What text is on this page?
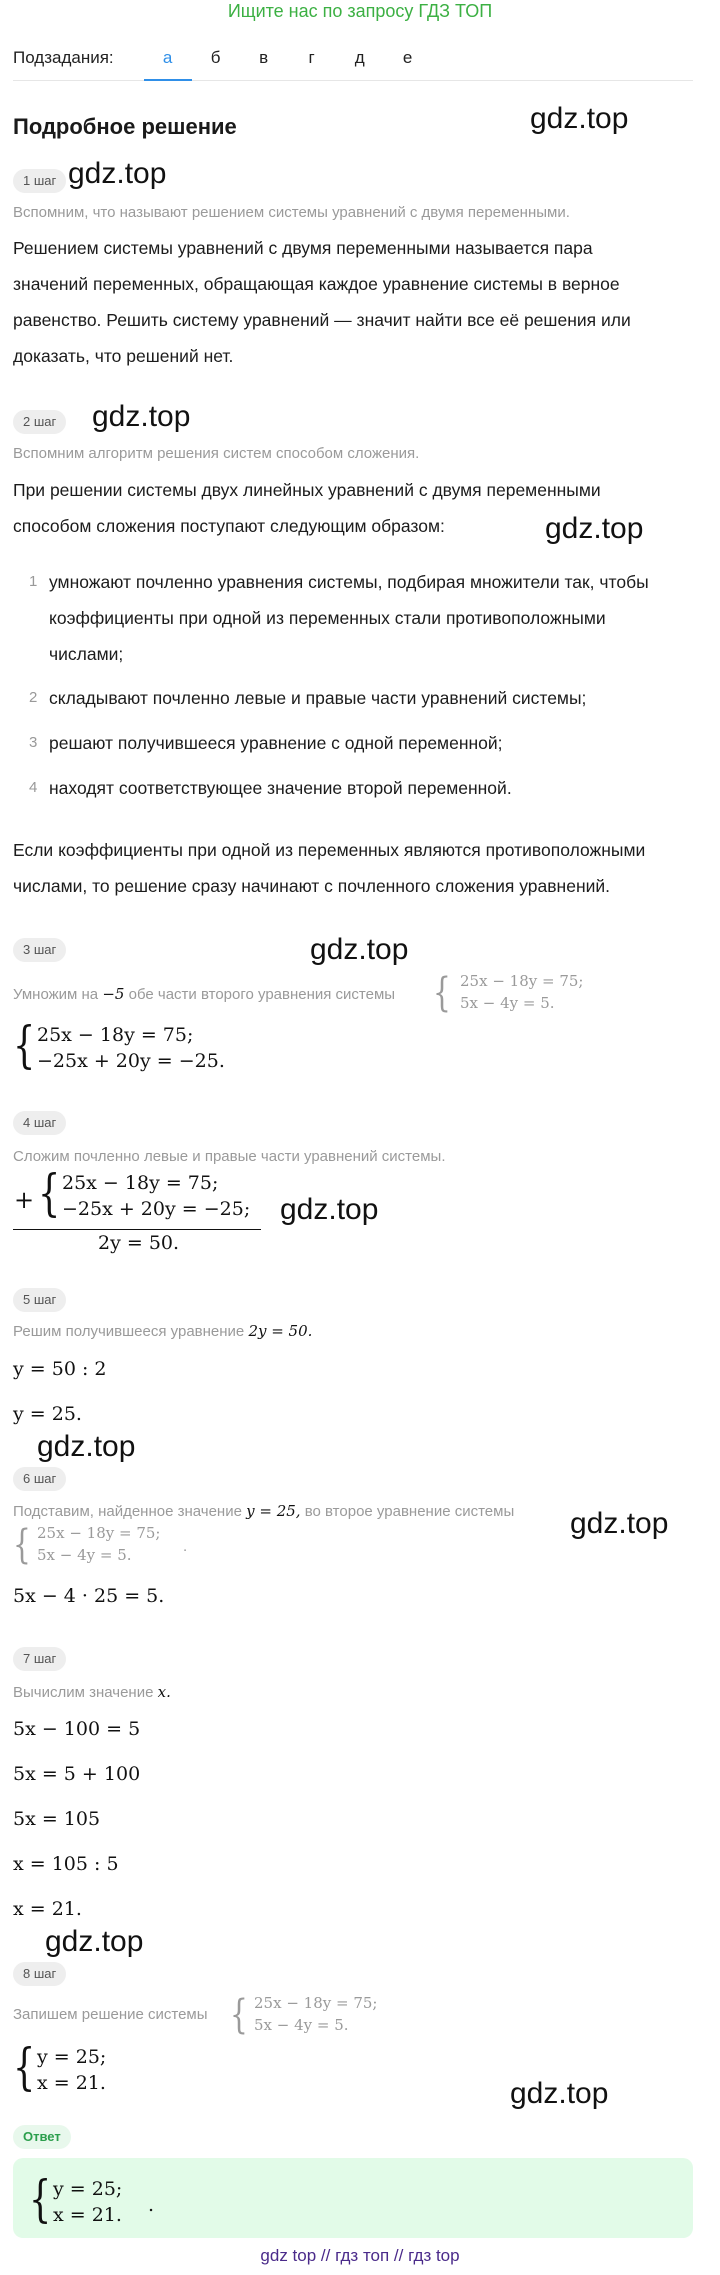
Ищите нас по запросу ГДЗ ТОП
Подзадания:	а	б	в	г	д	е
Подробное решение	gdz.top
1 шаг gdz.top
Вспомним, что называют решением системы уравнений с двумя переменными.
Решением системы уравнений с двумя переменными называется пара
значений переменных, обращающая каждое уравнение системы в верное
равенство. Решить систему уравнений — значит найти все её решения или
доказать, что решений нет.
2 шаг	gdz.top
Вспомним алгоритм решения систем способом сложения.
При решении системы двух линейных уравнений с двумя переменными
способом сложения поступают следующим образом:	gdz.top
1 умножают почленно уравнения системы, подбирая множители так, чтобы
коэффициенты при одной из переменных стали противоположными
числами;
2 складывают почленно левые и правые части уравнений системы;
3 решают получившееся уравнение с одной переменной;
4 находят соответствующее значение второй переменной.
Если коэффициенты при одной из переменных являются противоположными
числами, то решение сразу начинают с почленного сложения уравнений.
3 шаг	gdz.top
Умножим на −5 обе части второго уравнения системы { 25x − 18y = 75;
5x − 4y = 5.
{ 25x − 18y = 75;
−25x + 20y = −25.
4 шаг
Сложим почленно левые и правые части уравнений системы.
+ { 25x − 18y = 75;
−25x + 20y = −25;
2y = 50.
gdz.top
5 шаг
Решим получившееся уравнение 2y = 50.
y = 50 : 2
y = 25.
gdz.top
6 шаг
Подставим, найденное значение y = 25, во второе уравнение системы gdz.top
{ 25x − 18y = 75;
5x − 4y = 5.	.
5x − 4 · 25 = 5.
7 шаг
Вычислим значение x.
5x − 100 = 5
5x = 5 + 100
5x = 105
x = 105 : 5
x = 21.
gdz.top
8 шаг
Запишем решение системы { 25x − 18y = 75;
5x − 4y = 5.
{ y = 25;
x = 21.	gdz.top
Ответ
{ y = 25;
x = 21. .
gdz top // гдз топ // гдз top
